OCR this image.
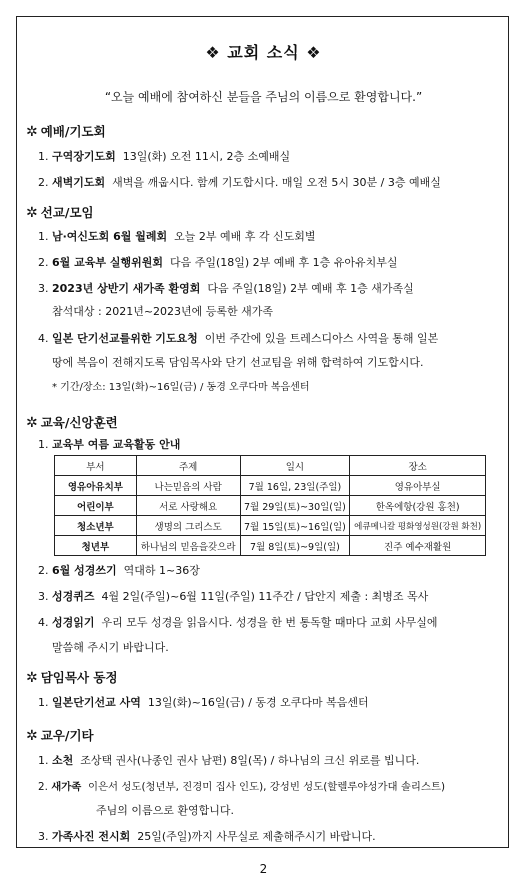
❖ 교회 소식 ❖
“오늘 예배에 참여하신 분들을 주님의 이름으로 환영합니다.”
✲ 예배/기도회
1. 구역장기도회 13일(화) 오전 11시, 2층 소예배실
2. 새벽기도회 새벽을 깨웁시다. 함께 기도합시다. 매일 오전 5시 30분 / 3층 예배실
✲ 선교/모임
1. 남·여신도회 6월 월례회 오늘 2부 예배 후 각 신도회별
2. 6월 교육부 실행위원회 다음 주일(18일) 2부 예배 후 1층 유아유치부실
3. 2023년 상반기 새가족 환영회 다음 주일(18일) 2부 예배 후 1층 새가족실
참석대상 : 2021년~2023년에 등록한 새가족
4. 일본 단기선교를위한 기도요청 이번 주간에 있을 트레스디아스 사역을 통해 일본
땅에 복음이 전해지도록 담임목사와 단기 선교팀을 위해 합력하여 기도합시다.
* 기간/장소: 13일(화)~16일(금) / 동경 오쿠다마 복음센터
✲ 교육/신앙훈련
1. 교육부 여름 교육활동 안내
부서	주제	일시	장소
영유아유치부	나는믿음의 사람	7월 16일, 23일(주일)	영유아부실
어린이부	서로 사랑해요	7월 29일(토)~30일(일)	한옥에항(강원 홍천)
청소년부	생명의 그리스도	7월 15일(토)~16일(일)	에큐메니칼 평화영성원(강원 화천)
청년부	하나님의 믿음을갖으라	7월 8일(토)~9일(일)	진주 예수재활원
2. 6월 성경쓰기 역대하 1~36장
3. 성경퀴즈 4월 2일(주일)~6월 11일(주일) 11주간 / 답안지 제출 : 최병조 목사
4. 성경읽기 우리 모두 성경을 읽읍시다. 성경을 한 번 통독할 때마다 교회 사무실에
말씀해 주시기 바랍니다.
✲ 담임목사 동정
1. 일본단기선교 사역 13일(화)~16일(금) / 동경 오쿠다마 복음센터
✲ 교우/기타
1. 소천 조상택 권사(나종인 권사 남편) 8일(목) / 하나님의 크신 위로를 빕니다.
2. 새가족 이은서 성도(청년부, 진경미 집사 인도), 강성빈 성도(할렐루야성가대 솔리스트)
주님의 이름으로 환영합니다.
3. 가족사진 전시회 25일(주일)까지 사무실로 제출해주시기 바랍니다.
2
